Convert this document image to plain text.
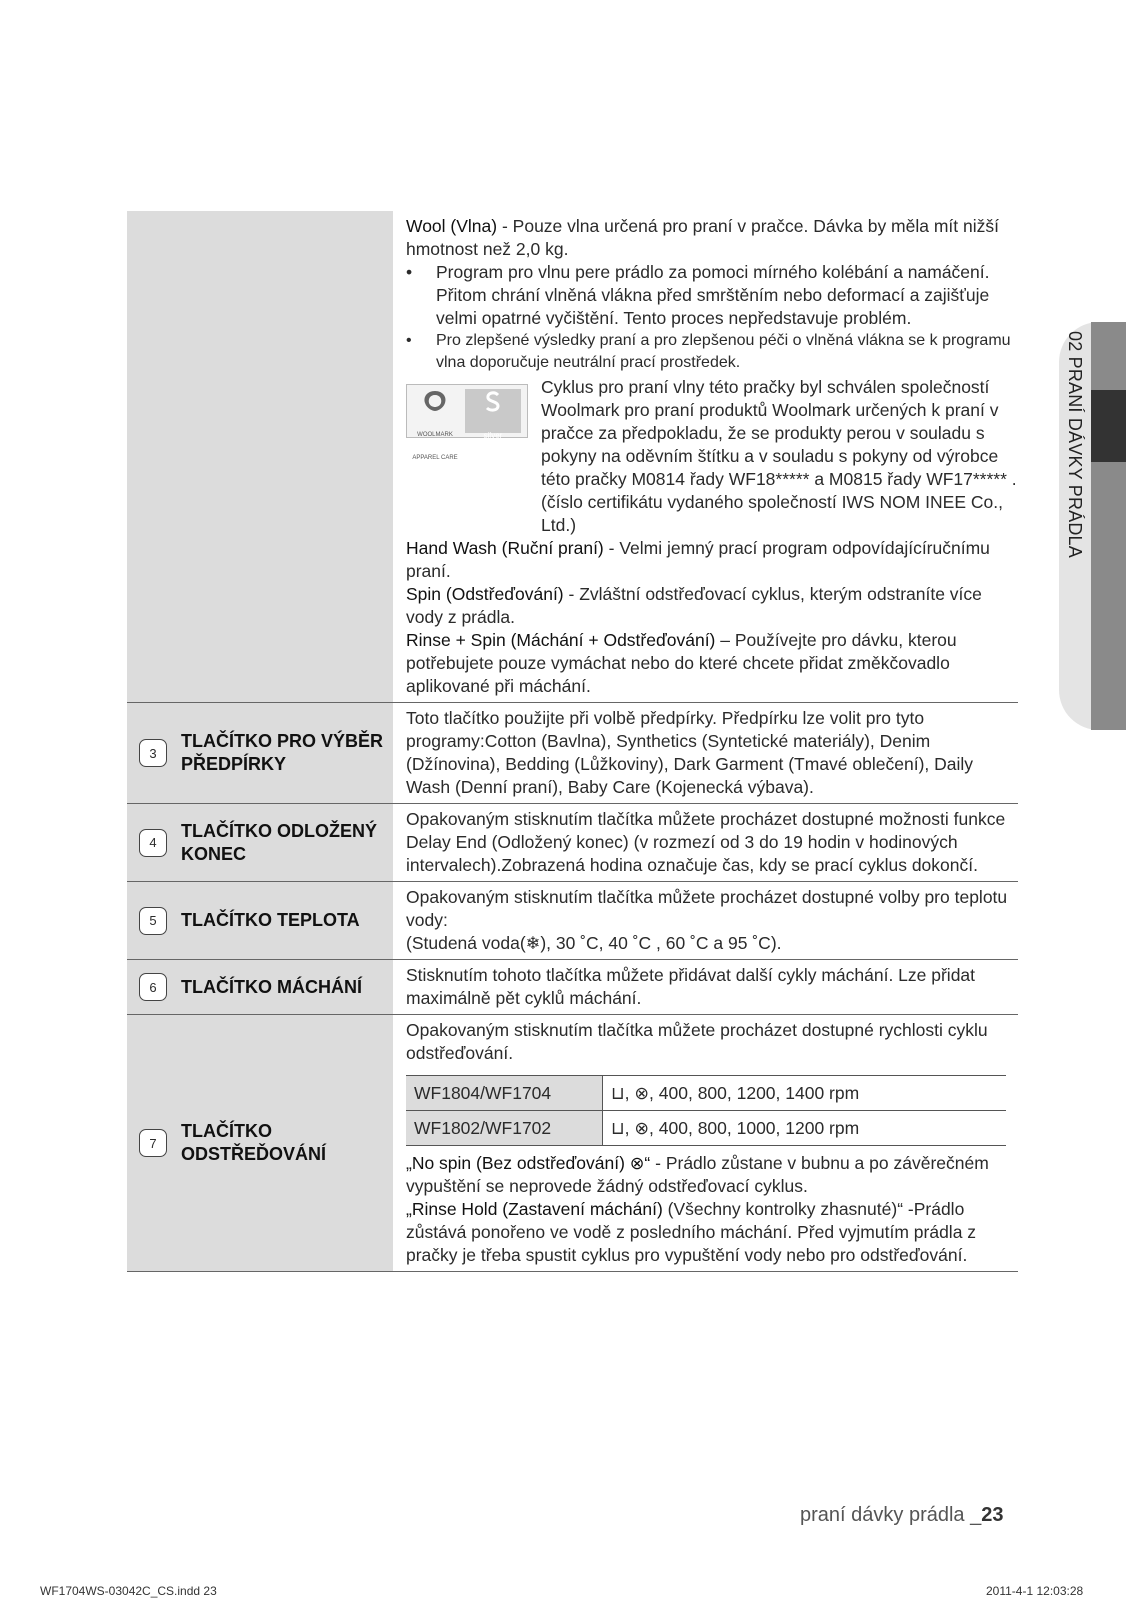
02 PRANÍ DÁVKY PRÁDLA

Wool (Vlna) - Pouze vlna určená pro praní v pračce. Dávka by měla mít nižší hmotnost než 2,0 kg.

• Program pro vlnu pere prádlo za pomoci mírného kolébání a namáčení. Přitom chrání vlněná vlákna před smrštěním nebo deformací a zajišťuje velmi opatrné vyčištění. Tento proces nepředstavuje problém.
• Pro zlepšené výsledky praní a pro zlepšenou péči o vlněná vlákna se k programu vlna doporučuje neutrální prací prostředek.
WOOLMARK APPAREL CARE
silver
Cyklus pro praní vlny této pračky byl schválen společností Woolmark pro praní produktů Woolmark určených k praní v pračce za předpokladu, že se produkty perou v souladu s pokyny na oděvním štítku a v souladu s pokyny od výrobce této pračky M0814 řady WF18***** a M0815 řady WF17***** . (číslo certifikátu vydaného společností IWS NOM INEE Co., Ltd.)

Hand Wash (Ruční praní) - Velmi jemný prací program odpovídajícíručnímu praní.

Spin (Odstřeďování) - Zvláštní odstřeďovací cyklus, kterým odstraníte více vody z prádla.

Rinse + Spin (Máchání + Odstřeďování) – Používejte pro dávku, kterou potřebujete pouze vymáchat nebo do které chcete přidat změkčovadlo aplikované při máchání.

3
TLAČÍTKO PRO VÝBĚR PŘEDPÍRKY
Toto tlačítko použijte při volbě předpírky. Předpírku lze volit pro tyto programy:Cotton (Bavlna), Synthetics (Syntetické materiály), Denim (Džínovina), Bedding (Lůžkoviny), Dark Garment (Tmavé oblečení), Daily Wash (Denní praní), Baby Care (Kojenecká výbava).
4
TLAČÍTKO ODLOŽENÝ KONEC
Opakovaným stisknutím tlačítka můžete procházet dostupné možnosti funkce Delay End (Odložený konec) (v rozmezí od 3 do 19 hodin v hodinových intervalech).Zobrazená hodina označuje čas, kdy se prací cyklus dokončí.
5	TLAČÍTKO TEPLOTA

Opakovaným stisknutím tlačítka můžete procházet dostupné volby pro teplotu vody:

(Studená voda(❄), 30 ˚C, 40 ˚C , 60 ˚C a 95 ˚C).

6	TLAČÍTKO MÁCHÁNÍ
Stisknutím tohoto tlačítka můžete přidávat další cykly máchání. Lze přidat maximálně pět cyklů máchání.
7
TLAČÍTKO ODSTŘEĎOVÁNÍ

Opakovaným stisknutím tlačítka můžete procházet dostupné rychlosti cyklu odstřeďování.

WF1804/WF1704	⊔, ⊗, 400, 800, 1200, 1400 rpm
WF1802/WF1702	⊔, ⊗, 400, 800, 1000, 1200 rpm

„No spin (Bez odstřeďování) ⊗“ - Prádlo zůstane v bubnu a po závěrečném vypuštění se neprovede žádný odstřeďovací cyklus.

„Rinse Hold (Zastavení máchání) (Všechny kontrolky zhasnuté)“ -Prádlo zůstává ponořeno ve vodě z posledního máchání. Před vyjmutím prádla z pračky je třeba spustit cyklus pro vypuštění vody nebo pro odstřeďování.

praní dávky prádla _23
WF1704WS-03042C_CS.indd 23	2011-4-1 12:03:28
